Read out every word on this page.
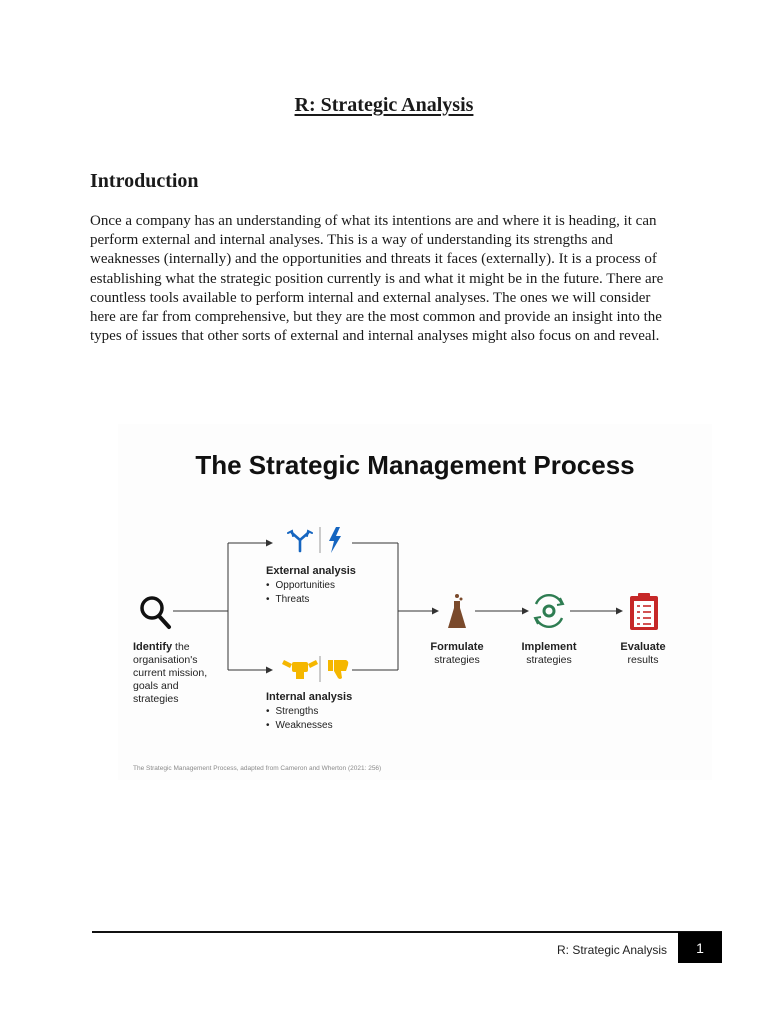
R: Strategic Analysis
Introduction

Once a company has an understanding of what its intentions are and where it is heading, it can perform external and internal analyses. This is a way of understanding its strengths and weaknesses (internally) and the opportunities and threats it faces (externally). It is a process of establishing what the strategic position currently is and what it might be in the future. There are countless tools available to perform internal and external analyses. The ones we will consider here are far from comprehensive, but they are the most common and provide an insight into the types of issues that other sorts of external and internal analyses might also focus on and reveal.

The Strategic Management Process
Identify the organisation's current mission, goals and strategies
External analysis
• Opportunities
• Threats
Internal analysis
• Strengths
• Weaknesses
Formulate
strategies
Implement
strategies
Evaluate
results
The Strategic Management Process, adapted from Cameron and Wherton (2021: 256)
R: Strategic Analysis	1
